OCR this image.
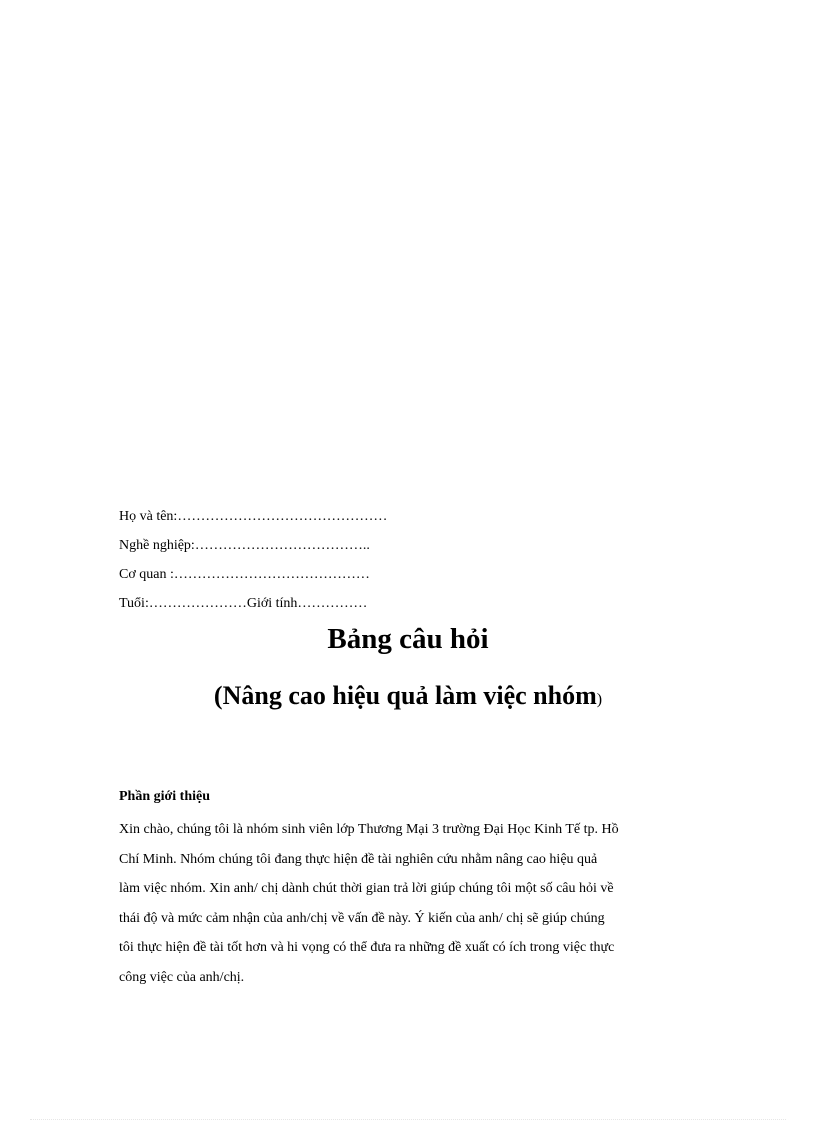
Họ và tên:………………………………………
Nghề nghiệp:………………………………..
Cơ quan :……………………………………
Tuổi:…………………Giới tính……………
Bảng câu hỏi
(Nâng cao hiệu quả làm việc nhóm)
Phần giới thiệu
Xin chào, chúng tôi là nhóm sinh viên lớp Thương Mại 3 trường Đại Học Kinh Tế tp. Hồ
Chí Minh. Nhóm chúng tôi đang thực hiện đề tài nghiên cứu nhằm nâng cao hiệu quả
làm việc nhóm. Xin anh/ chị dành chút thời gian trả lời giúp chúng tôi một số câu hỏi về
thái độ và mức cảm nhận của anh/chị về vấn đề này. Ý kiến của anh/ chị sẽ giúp chúng
tôi thực hiện đề tài tốt hơn và hi vọng có thể đưa ra những đề xuất có ích trong việc thực
công việc của anh/chị.
